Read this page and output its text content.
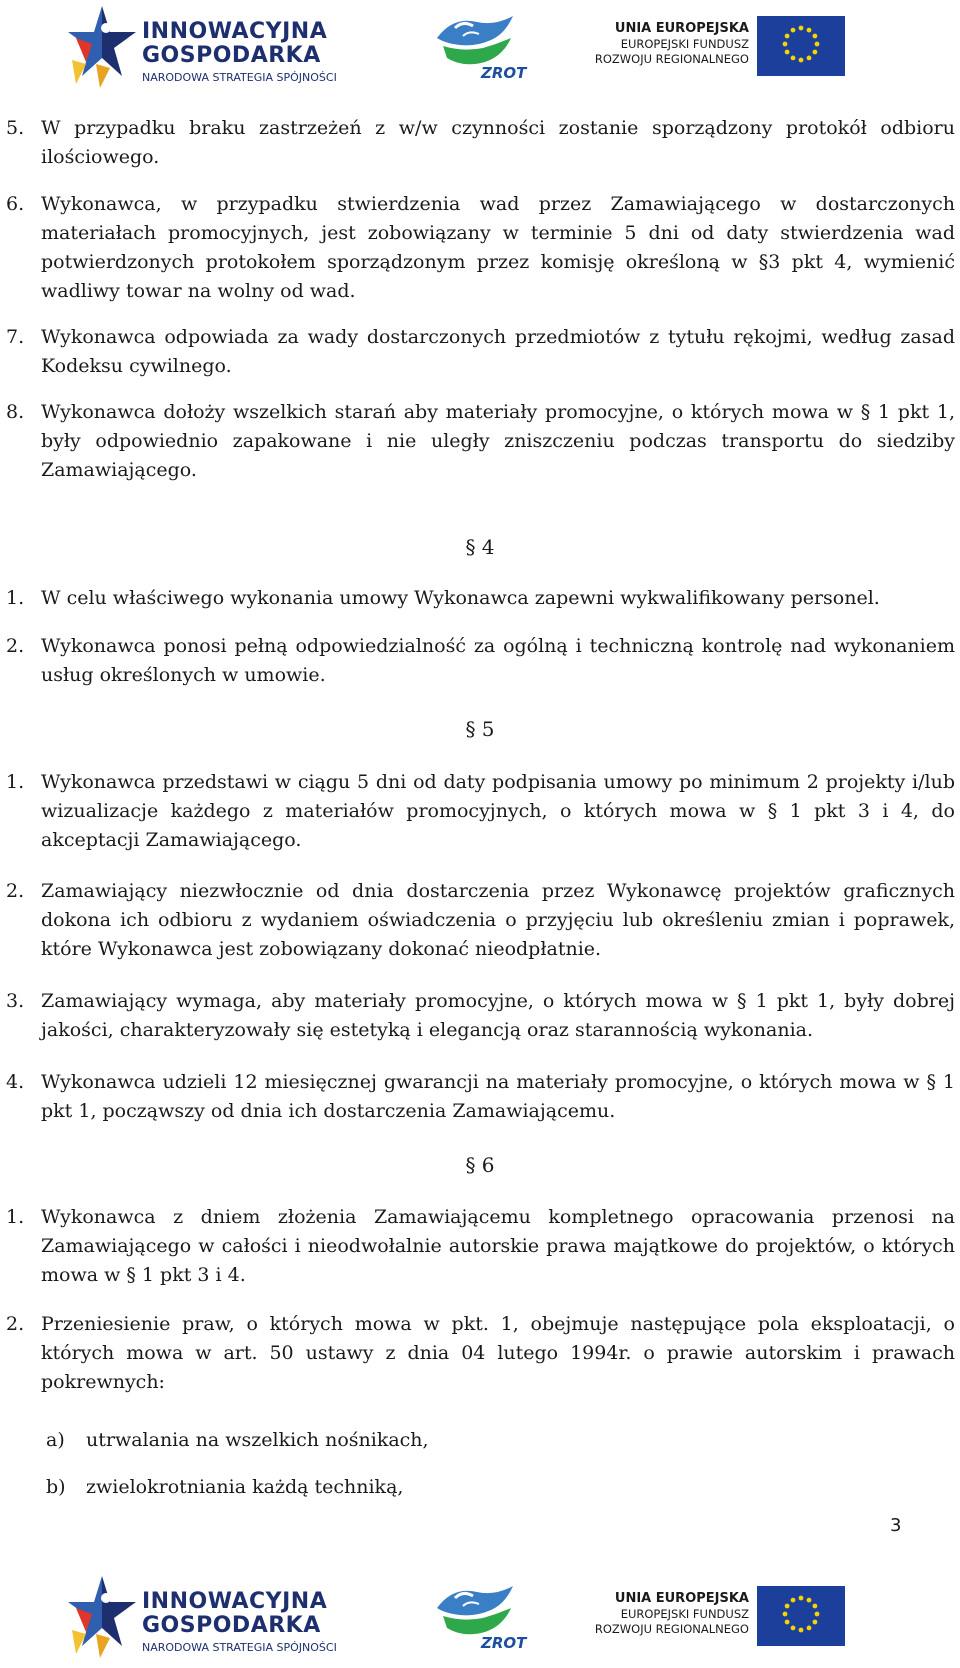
INNOWACYJNA
GOSPODARKA
NARODOWA STRATEGIA SPÓJNOŚCI	ZROT
UNIA EUROPEJSKA
EUROPEJSKI FUNDUSZ
ROZWOJU REGIONALNEGO
5. W przypadku braku zastrzeżeń z w/w czynności zostanie sporządzony protokół odbioru ilościowego.
6. Wykonawca, w przypadku stwierdzenia wad przez Zamawiającego w dostarczonych materiałach promocyjnych, jest zobowiązany w terminie 5 dni od daty stwierdzenia wad potwierdzonych protokołem sporządzonym przez komisję określoną w §3 pkt 4, wymienić wadliwy towar na wolny od wad.
7. Wykonawca odpowiada za wady dostarczonych przedmiotów z tytułu rękojmi, według zasad Kodeksu cywilnego.
8. Wykonawca dołoży wszelkich starań aby materiały promocyjne, o których mowa w § 1 pkt 1, były odpowiednio zapakowane i nie uległy zniszczeniu podczas transportu do siedziby Zamawiającego.
§ 4
1. W celu właściwego wykonania umowy Wykonawca zapewni wykwalifikowany personel.
2. Wykonawca ponosi pełną odpowiedzialność za ogólną i techniczną kontrolę nad wykonaniem usług określonych w umowie.
§ 5
1. Wykonawca przedstawi w ciągu 5 dni od daty podpisania umowy po minimum 2 projekty i/lub wizualizacje każdego z materiałów promocyjnych, o których mowa w § 1 pkt 3 i 4, do akceptacji Zamawiającego.
2. Zamawiający niezwłocznie od dnia dostarczenia przez Wykonawcę projektów graficznych dokona ich odbioru z wydaniem oświadczenia o przyjęciu lub określeniu zmian i poprawek, które Wykonawca jest zobowiązany dokonać nieodpłatnie.
3. Zamawiający wymaga, aby materiały promocyjne, o których mowa w § 1 pkt 1, były dobrej jakości, charakteryzowały się estetyką i elegancją oraz starannością wykonania.
4. Wykonawca udzieli 12 miesięcznej gwarancji na materiały promocyjne, o których mowa w § 1 pkt 1, począwszy od dnia ich dostarczenia Zamawiającemu.
§ 6
1. Wykonawca z dniem złożenia Zamawiającemu kompletnego opracowania przenosi na Zamawiającego w całości i nieodwołalnie autorskie prawa majątkowe do projektów, o których mowa w § 1 pkt 3 i 4.
2. Przeniesienie praw, o których mowa w pkt. 1, obejmuje następujące pola eksploatacji, o których mowa w art. 50 ustawy z dnia 04 lutego 1994r. o prawie autorskim i prawach pokrewnych:
a) utrwalania na wszelkich nośnikach,
b) zwielokrotniania każdą techniką,
3
INNOWACYJNA
GOSPODARKA
NARODOWA STRATEGIA SPÓJNOŚCI	ZROT
UNIA EUROPEJSKA
EUROPEJSKI FUNDUSZ
ROZWOJU REGIONALNEGO
